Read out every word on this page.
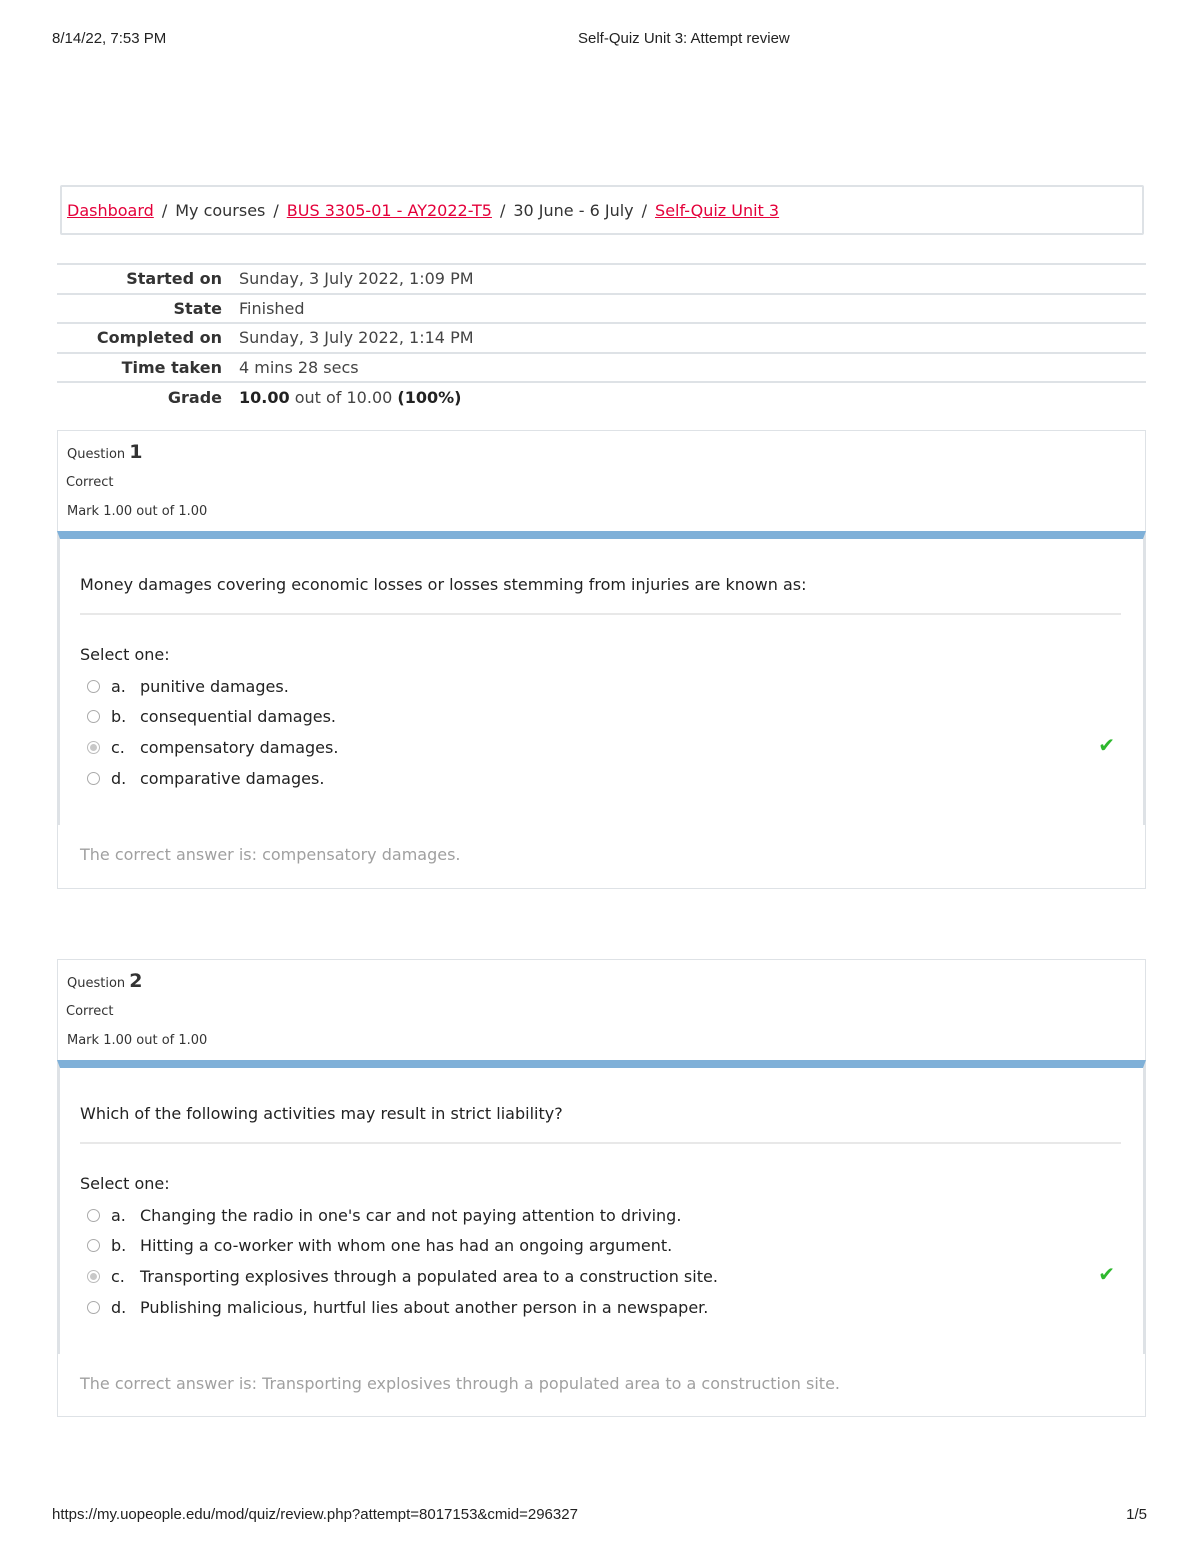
8/14/22, 7:53 PM	Self-Quiz Unit 3: Attempt review
Dashboard / My courses / BUS 3305-01 - AY2022-T5 / 30 June - 6 July / Self-Quiz Unit 3
Started on	Sunday, 3 July 2022, 1:09 PM
State	Finished
Completed on	Sunday, 3 July 2022, 1:14 PM
Time taken	4 mins 28 secs
Grade	10.00 out of 10.00 (100%)
Question 1
Correct
Mark 1.00 out of 1.00
Money damages covering economic losses or losses stemming from injuries are known as:
Select one:
a. punitive damages.
b. consequential damages.
c. compensatory damages.
d. comparative damages.
✔
The correct answer is: compensatory damages.
Question 2
Correct
Mark 1.00 out of 1.00
Which of the following activities may result in strict liability?
Select one:
a. Changing the radio in one's car and not paying attention to driving.
b. Hitting a co-worker with whom one has had an ongoing argument.
c. Transporting explosives through a populated area to a construction site.
d. Publishing malicious, hurtful lies about another person in a newspaper.
✔
The correct answer is: Transporting explosives through a populated area to a construction site.
https://my.uopeople.edu/mod/quiz/review.php?attempt=8017153&cmid=296327	1/5
